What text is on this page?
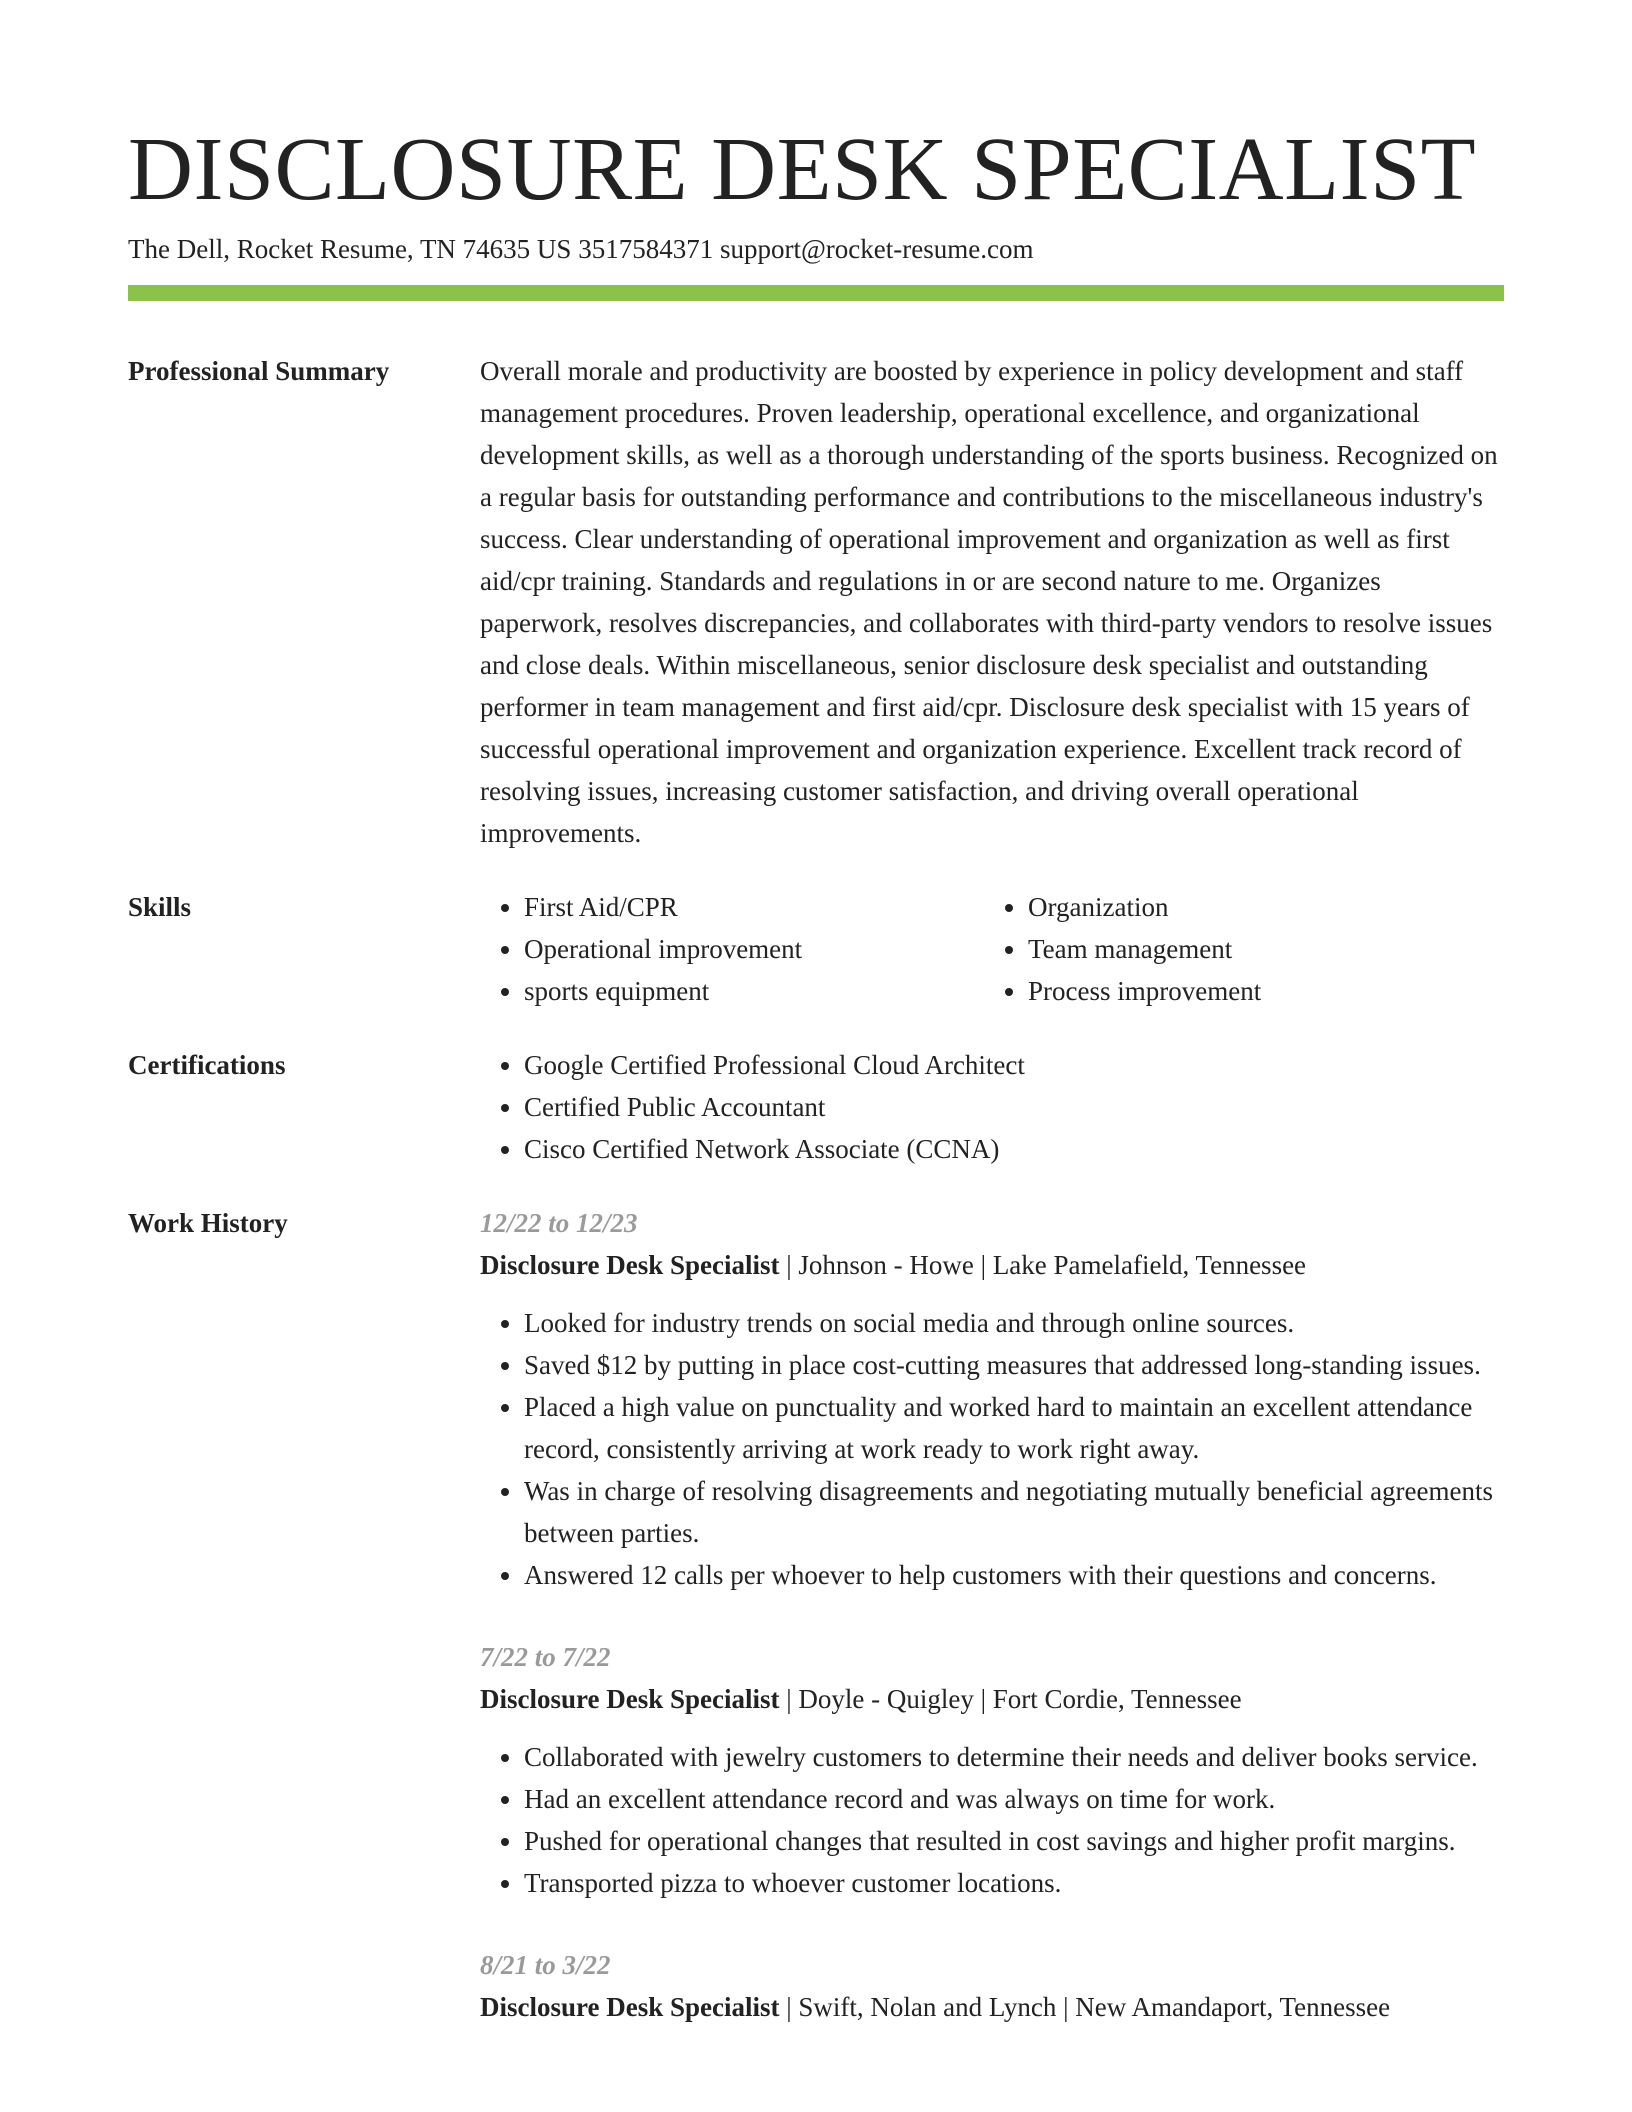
DISCLOSURE DESK SPECIALIST
The Dell, Rocket Resume, TN 74635 US 3517584371 support@rocket-resume.com
Professional Summary	Overall morale and productivity are boosted by experience in policy development and staff management procedures. Proven leadership, operational excellence, and organizational development skills, as well as a thorough understanding of the sports business. Recognized on a regular basis for outstanding performance and contributions to the miscellaneous industry's success. Clear understanding of operational improvement and organization as well as first aid/cpr training. Standards and regulations in or are second nature to me. Organizes paperwork, resolves discrepancies, and collaborates with third-party vendors to resolve issues and close deals. Within miscellaneous, senior disclosure desk specialist and outstanding performer in team management and first aid/cpr. Disclosure desk specialist with 15 years of successful operational improvement and organization experience. Excellent track record of resolving issues, increasing customer satisfaction, and driving overall operational improvements.

Skills	• First Aid/CPR
• Operational improvement
• sports equipment
• Organization
• Team management
• Process improvement
Certifications	• Google Certified Professional Cloud Architect
• Certified Public Accountant
• Cisco Certified Network Associate (CCNA)
Work History	12/22 to 12/23
Disclosure Desk Specialist | Johnson - Howe | Lake Pamelafield, Tennessee
• Looked for industry trends on social media and through online sources.
• Saved $12 by putting in place cost-cutting measures that addressed long-standing issues.
• Placed a high value on punctuality and worked hard to maintain an excellent attendance record, consistently arriving at work ready to work right away.
• Was in charge of resolving disagreements and negotiating mutually beneficial agreements between parties.
• Answered 12 calls per whoever to help customers with their questions and concerns.
7/22 to 7/22
Disclosure Desk Specialist | Doyle - Quigley | Fort Cordie, Tennessee
• Collaborated with jewelry customers to determine their needs and deliver books service.
• Had an excellent attendance record and was always on time for work.
• Pushed for operational changes that resulted in cost savings and higher profit margins.
• Transported pizza to whoever customer locations.
8/21 to 3/22
Disclosure Desk Specialist | Swift, Nolan and Lynch | New Amandaport, Tennessee
